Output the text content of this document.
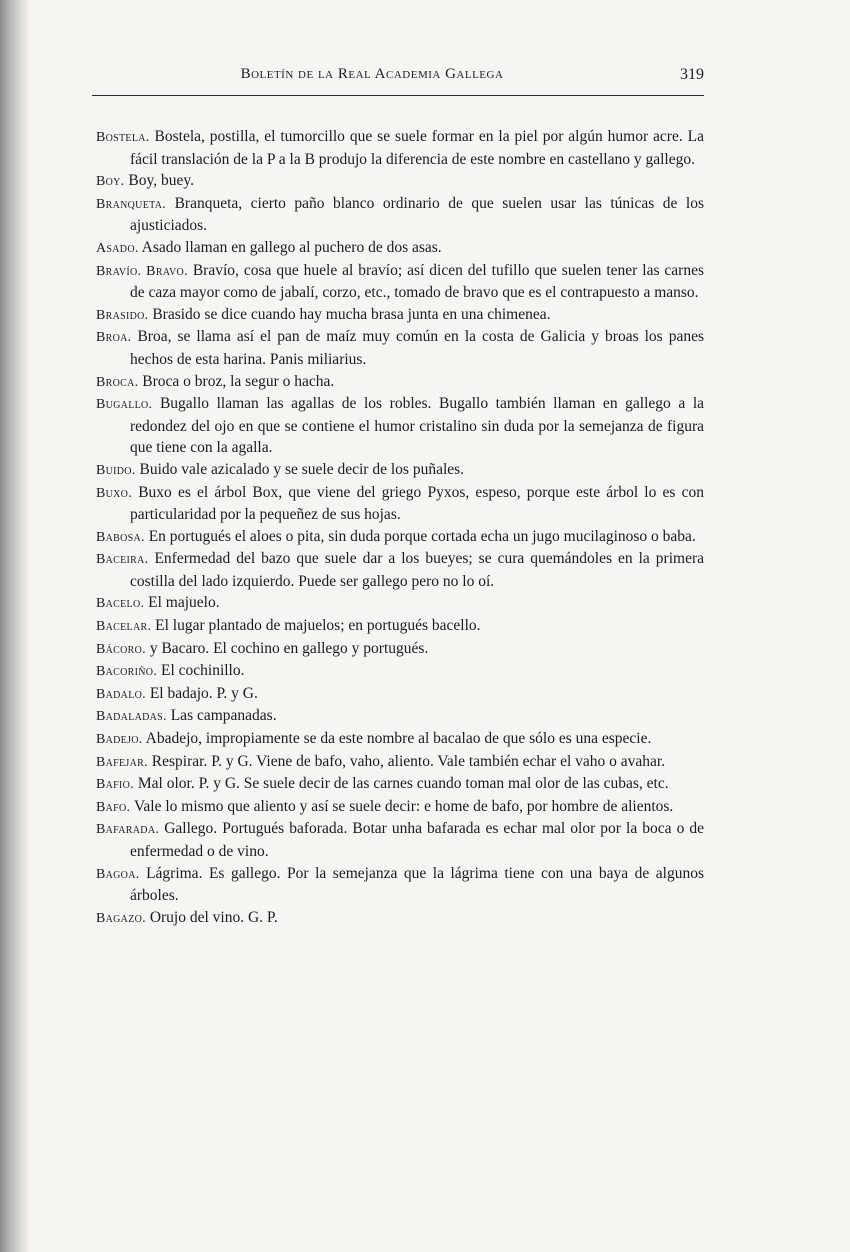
Boletín de la Real Academia Gallega	319
Bostela. Bostela, postilla, el tumorcillo que se suele formar en la piel por algún humor acre. La fácil translación de la P a la B produjo la diferencia de este nombre en castellano y gallego.
Boy. Boy, buey.
Branqueta. Branqueta, cierto paño blanco ordinario de que suelen usar las túnicas de los ajusticiados.
Asado. Asado llaman en gallego al puchero de dos asas.
Bravío. Bravo. Bravío, cosa que huele al bravío; así dicen del tufillo que suelen tener las carnes de caza mayor como de jabalí, corzo, etc., tomado de bravo que es el contrapuesto a manso.
Brasido. Brasido se dice cuando hay mucha brasa junta en una chimenea.
Broa. Broa, se llama así el pan de maíz muy común en la costa de Galicia y broas los panes hechos de esta harina. Panis miliarius.
Broca. Broca o broz, la segur o hacha.
Bugallo. Bugallo llaman las agallas de los robles. Bugallo también llaman en gallego a la redondez del ojo en que se contiene el humor cristalino sin duda por la semejanza de figura que tiene con la agalla.
Buido. Buido vale azicalado y se suele decir de los puñales.
Buxo. Buxo es el árbol Box, que viene del griego Pyxos, espeso, porque este árbol lo es con particularidad por la pequeñez de sus hojas.
Babosa. En portugués el aloes o pita, sin duda porque cortada echa un jugo mucilaginoso o baba.
Baceira. Enfermedad del bazo que suele dar a los bueyes; se cura quemándoles en la primera costilla del lado izquierdo. Puede ser gallego pero no lo oí.
Bacelo. El majuelo.
Bacelar. El lugar plantado de majuelos; en portugués bacello.
Bácoro. y Bacaro. El cochino en gallego y portugués.
Bacoriño. El cochinillo.
Badalo. El badajo. P. y G.
Badaladas. Las campanadas.
Badejo. Abadejo, impropiamente se da este nombre al bacalao de que sólo es una especie.
Bafejar. Respirar. P. y G. Viene de bafo, vaho, aliento. Vale también echar el vaho o avahar.
Bafio. Mal olor. P. y G. Se suele decir de las carnes cuando toman mal olor de las cubas, etc.
Bafo. Vale lo mismo que aliento y así se suele decir: e home de bafo, por hombre de alientos.
Bafarada. Gallego. Portugués baforada. Botar unha bafarada es echar mal olor por la boca o de enfermedad o de vino.
Bagoa. Lágrima. Es gallego. Por la semejanza que la lágrima tiene con una baya de algunos árboles.
Bagazo. Orujo del vino. G. P.
